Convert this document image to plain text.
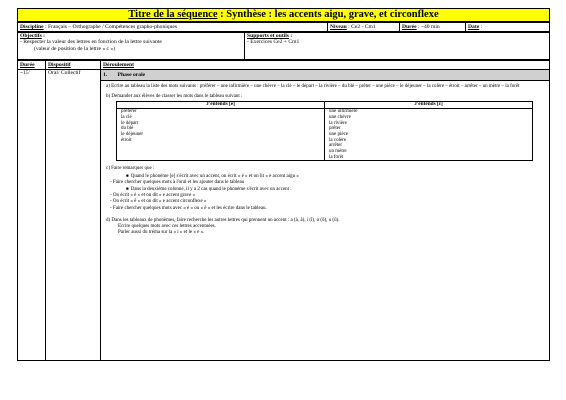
Titre de la séquence : Synthèse : les accents aigu, grave, et circonflexe
Discipline : Français – Orthographe / Compétences grapho-phoniques	Niveau : Ce2 - Cm1	Durée : ~40 min	Date :
Objectifs :
- Respecter la valeur des lettres en fonction de la lettre suivante
(valeur de position de la lettre « c »)

Supports et outils :
- Exercices Ce2 + Cm1
Durée	Dispositif	Déroulement
~15'	Oral/ Collectif	1. Phase orale

a) Ecrire au tableau la liste des mots suivants : préférer – une infirmière – une chèvre – la clé – le départ – la rivière – du blé – prêter – une pièce – le déjeuner – la colère – étroit – arrêter – un mètre – la forêt

b) Demander aux élèves de classer les mots dans le tableau suivant :

J'entends [e]	J'entends [ɛ]

préférer
la clé
le départ
du blé
le déjeuner
étroit

une infirmière
une chèvre
la rivière
prêter
une pièce
la colère
arrêter
un mètre
la forêt

c) Faire remarquer que :

■ Quand le phonème [e] s'écrit avec un accent, on écrit « é » et on lit « e accent aigu »

- Faire chercher quelques mots à l'oral et les ajouter dans le tableau

■ Dans la deuxième colonne, il y a 2 cas quand le phonème s'écrit avec un accent :

- On écrit « è » et on dit « e accent grave »

- On écrit « ê » et on dit « e accent circonflexe »

- Faire chercher quelques mots avec « è » ou « ê » et les écrire dans le tableau.

d) Dans les tableaux de phonèmes, faire recherche les autres lettres qui prennent un accent : a (à, â), i (î), o (ô), u (û).

Ecrire quelques mots avec ces lettres accentuées.

Parler aussi du tréma sur la « i » et le « e ».
